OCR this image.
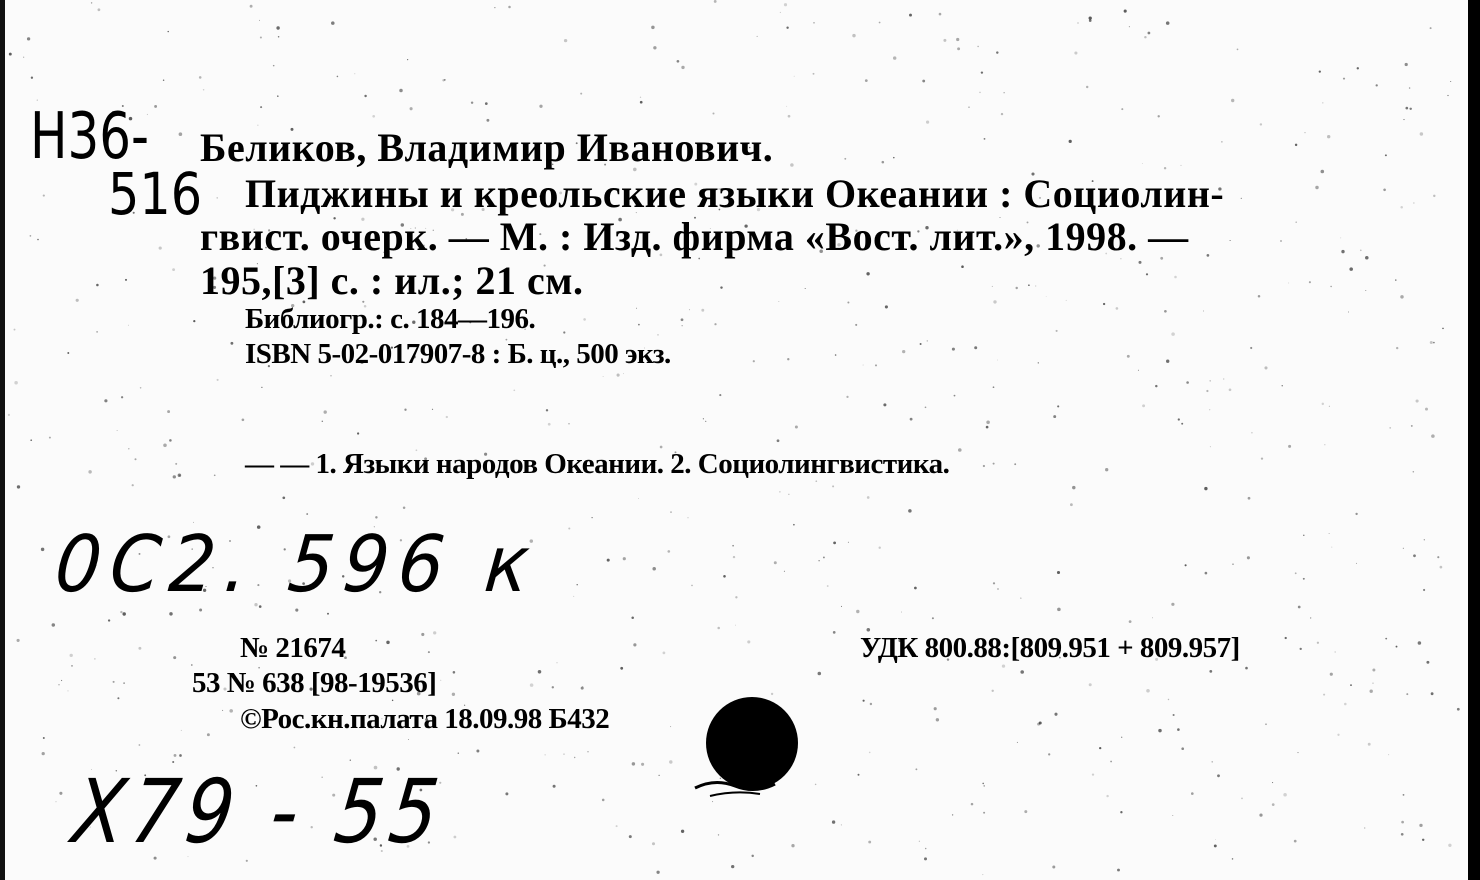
Н36-
516
Беликов, Владимир Иванович.
Пиджины и креольские языки Океании : Социолин-
гвист. очерк. — М. : Изд. фирма «Вост. лит.», 1998. —
195,[3] с. : ил.; 21 см.
Библиогр.: с. 184—196.
ISBN 5-02-017907-8 : Б. ц., 500 экз.
— — 1. Языки народов Океании. 2. Социолингвистика.
0С2. 596 к
№ 21674
53 № 638 [98-19536]
©Рос.кн.палата 18.09.98 Б432
УДК 800.88:[809.951 + 809.957]
Х79 - 55
